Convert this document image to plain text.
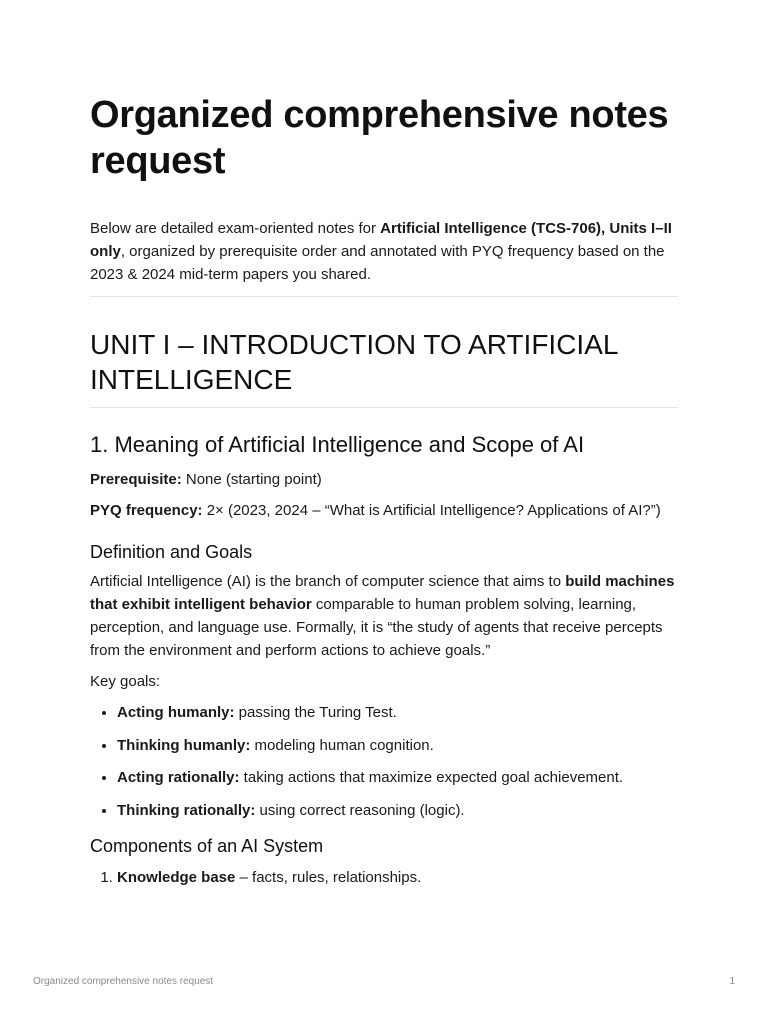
Organized comprehensive notes request

Below are detailed exam-oriented notes for Artificial Intelligence (TCS-706), Units I–II only, organized by prerequisite order and annotated with PYQ frequency based on the 2023 & 2024 mid-term papers you shared.

UNIT I – INTRODUCTION TO ARTIFICIAL INTELLIGENCE
1. Meaning of Artificial Intelligence and Scope of AI

Prerequisite: None (starting point)

PYQ frequency: 2× (2023, 2024 – “What is Artificial Intelligence? Applications of AI?”)

Definition and Goals

Artificial Intelligence (AI) is the branch of computer science that aims to build machines that exhibit intelligent behavior comparable to human problem solving, learning, perception, and language use. Formally, it is “the study of agents that receive percepts from the environment and perform actions to achieve goals.”

Key goals:

• Acting humanly: passing the Turing Test.
• Thinking humanly: modeling human cognition.
• Acting rationally: taking actions that maximize expected goal achievement.
• Thinking rationally: using correct reasoning (logic).
Components of an AI System
1. Knowledge base – facts, rules, relationships.
Organized comprehensive notes request	1
